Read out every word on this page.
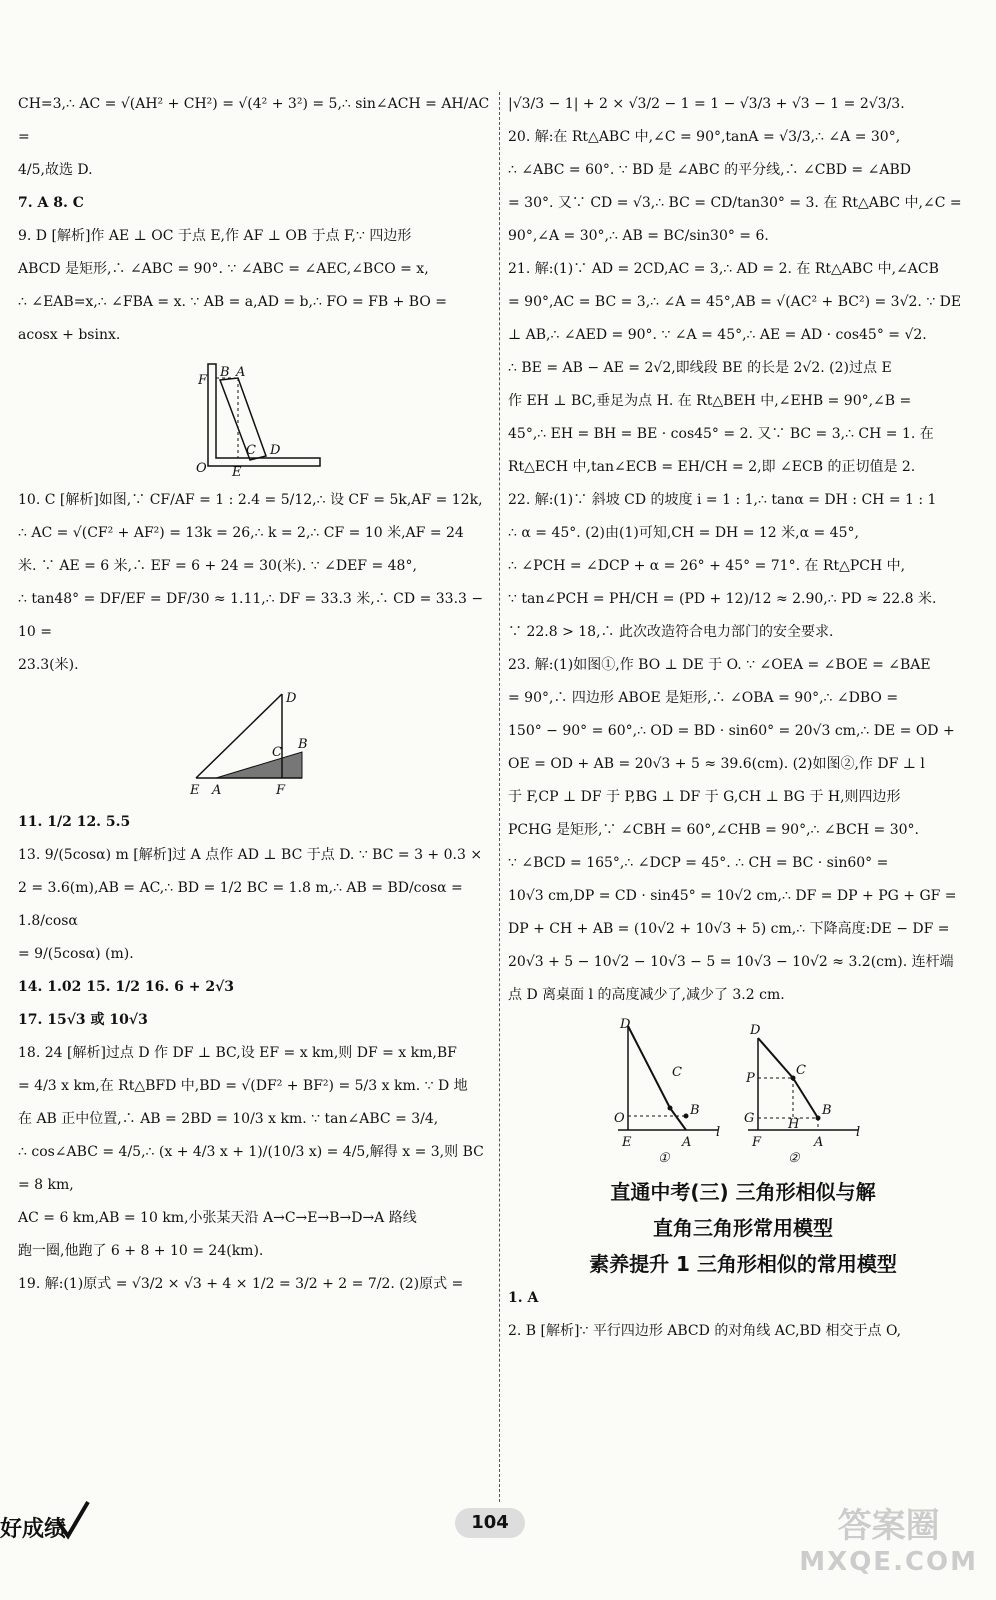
CH=3,∴ AC = √(AH² + CH²) = √(4² + 3²) = 5,∴ sin∠ACH = AH/AC =

4/5,故选 D.

7. A 8. C

9. D [解析]作 AE ⊥ OC 于点 E,作 AF ⊥ OB 于点 F,∵ 四边形

ABCD 是矩形,∴ ∠ABC = 90°. ∵ ∠ABC = ∠AEC,∠BCO = x,

∴ ∠EAB=x,∴ ∠FBA = x. ∵ AB = a,AD = b,∴ FO = FB + BO =

acosx + bsinx.

F
B A
C D
O E

10. C [解析]如图,∵ CF/AF = 1 : 2.4 = 5/12,∴ 设 CF = 5k,AF = 12k,

∴ AC = √(CF² + AF²) = 13k = 26,∴ k = 2,∴ CF = 10 米,AF = 24

米. ∵ AE = 6 米,∴ EF = 6 + 24 = 30(米). ∵ ∠DEF = 48°,

∴ tan48° = DF/EF = DF/30 ≈ 1.11,∴ DF = 33.3 米,∴ CD = 33.3 − 10 =

23.3(米).

D
C
B
E A	F

11. 1/2 12. 5.5

13. 9/(5cosα) m [解析]过 A 点作 AD ⊥ BC 于点 D. ∵ BC = 3 + 0.3 ×

2 = 3.6(m),AB = AC,∴ BD = 1/2 BC = 1.8 m,∴ AB = BD/cosα = 1.8/cosα

= 9/(5cosα) (m).

14. 1.02 15. 1/2 16. 6 + 2√3

17. 15√3 或 10√3

18. 24 [解析]过点 D 作 DF ⊥ BC,设 EF = x km,则 DF = x km,BF

= 4/3 x km,在 Rt△BFD 中,BD = √(DF² + BF²) = 5/3 x km. ∵ D 地

在 AB 正中位置,∴ AB = 2BD = 10/3 x km. ∵ tan∠ABC = 3/4,

∴ cos∠ABC = 4/5,∴ (x + 4/3 x + 1)/(10/3 x) = 4/5,解得 x = 3,则 BC = 8 km,

AC = 6 km,AB = 10 km,小张某天沿 A→C→E→B→D→A 路线

跑一圈,他跑了 6 + 8 + 10 = 24(km).

19. 解:(1)原式 = √3/2 × √3 + 4 × 1/2 = 3/2 + 2 = 7/2. (2)原式 =

|√3/3 − 1| + 2 × √3/2 − 1 = 1 − √3/3 + √3 − 1 = 2√3/3.

20. 解:在 Rt△ABC 中,∠C = 90°,tanA = √3/3,∴ ∠A = 30°,

∴ ∠ABC = 60°. ∵ BD 是 ∠ABC 的平分线,∴ ∠CBD = ∠ABD

= 30°. 又∵ CD = √3,∴ BC = CD/tan30° = 3. 在 Rt△ABC 中,∠C =

90°,∠A = 30°,∴ AB = BC/sin30° = 6.

21. 解:(1)∵ AD = 2CD,AC = 3,∴ AD = 2. 在 Rt△ABC 中,∠ACB

= 90°,AC = BC = 3,∴ ∠A = 45°,AB = √(AC² + BC²) = 3√2. ∵ DE

⊥ AB,∴ ∠AED = 90°. ∵ ∠A = 45°,∴ AE = AD · cos45° = √2.

∴ BE = AB − AE = 2√2,即线段 BE 的长是 2√2. (2)过点 E

作 EH ⊥ BC,垂足为点 H. 在 Rt△BEH 中,∠EHB = 90°,∠B =

45°,∴ EH = BH = BE · cos45° = 2. 又∵ BC = 3,∴ CH = 1. 在

Rt△ECH 中,tan∠ECB = EH/CH = 2,即 ∠ECB 的正切值是 2.

22. 解:(1)∵ 斜坡 CD 的坡度 i = 1 : 1,∴ tanα = DH : CH = 1 : 1

∴ α = 45°. (2)由(1)可知,CH = DH = 12 米,α = 45°,

∴ ∠PCH = ∠DCP + α = 26° + 45° = 71°. 在 Rt△PCH 中,

∵ tan∠PCH = PH/CH = (PD + 12)/12 ≈ 2.90,∴ PD ≈ 22.8 米.

∵ 22.8 > 18,∴ 此次改造符合电力部门的安全要求.

23. 解:(1)如图①,作 BO ⊥ DE 于 O. ∵ ∠OEA = ∠BOE = ∠BAE

= 90°,∴ 四边形 ABOE 是矩形,∴ ∠OBA = 90°,∴ ∠DBO =

150° − 90° = 60°,∴ OD = BD · sin60° = 20√3 cm,∴ DE = OD +

OE = OD + AB = 20√3 + 5 ≈ 39.6(cm). (2)如图②,作 DF ⊥ l

于 F,CP ⊥ DF 于 P,BG ⊥ DF 于 G,CH ⊥ BG 于 H,则四边形

PCHG 是矩形,∵ ∠CBH = 60°,∠CHB = 90°,∴ ∠BCH = 30°.

∵ ∠BCD = 165°,∴ ∠DCP = 45°. ∴ CH = BC · sin60° =

10√3 cm,DP = CD · sin45° = 10√2 cm,∴ DF = DP + PG + GF =

DP + CH + AB = (10√2 + 10√3 + 5) cm,∴ 下降高度:DE − DF =

20√3 + 5 − 10√2 − 10√3 − 5 = 10√3 − 10√2 ≈ 3.2(cm). 连杆端

点 D 离桌面 l 的高度减少了,减少了 3.2 cm.

D
C
B
O
E	A
l
①
D
C
B
P
G	H
F	A
l
②

直通中考(三) 三角形相似与解

直角三角形常用模型

素养提升 1 三角形相似的常用模型

1. A

2. B [解析]∵ 平行四边形 ABCD 的对角线 AC,BD 相交于点 O,

好成绩	104	答案圈
MXQE.COM
